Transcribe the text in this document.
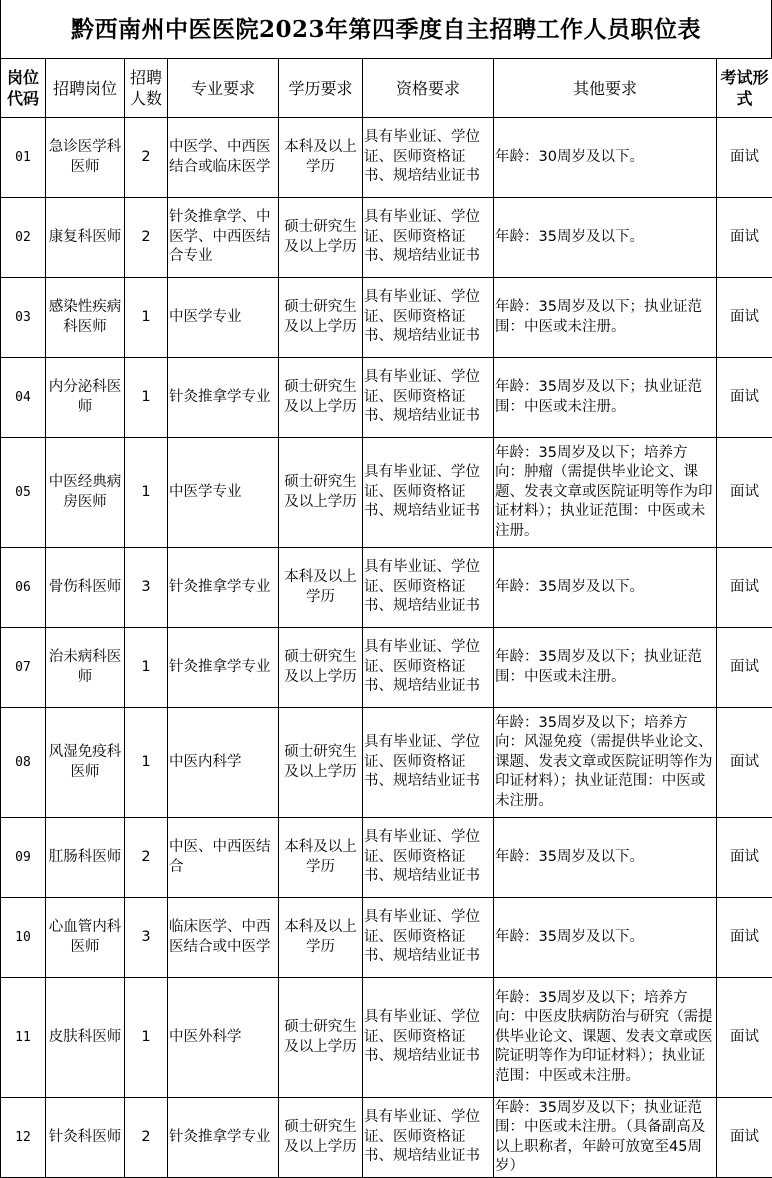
黔西南州中医医院2023年第四季度自主招聘工作人员职位表
岗位代码	招聘岗位	招聘人数	专业要求	学历要求	资格要求	其他要求	考试形式
01	急诊医学科医师	2	中医学、中西医结合或临床医学	本科及以上学历	具有毕业证、学位证、医师资格证书、规培结业证书	年龄：30周岁及以下。	面试
02	康复科医师	2	针灸推拿学、中医学、中西医结合专业	硕士研究生及以上学历	具有毕业证、学位证、医师资格证书、规培结业证书	年龄：35周岁及以下。	面试
03	感染性疾病科医师	1	中医学专业	硕士研究生及以上学历	具有毕业证、学位证、医师资格证书、规培结业证书	年龄：35周岁及以下；执业证范围：中医或未注册。	面试
04	内分泌科医师	1	针灸推拿学专业	硕士研究生及以上学历	具有毕业证、学位证、医师资格证书、规培结业证书	年龄：35周岁及以下；执业证范围：中医或未注册。	面试
05	中医经典病房医师	1	中医学专业	硕士研究生及以上学历	具有毕业证、学位证、医师资格证书、规培结业证书	年龄：35周岁及以下；培养方向：肿瘤（需提供毕业论文、课题、发表文章或医院证明等作为印证材料）；执业证范围：中医或未注册。	面试
06	骨伤科医师	3	针灸推拿学专业	本科及以上学历	具有毕业证、学位证、医师资格证书、规培结业证书	年龄：35周岁及以下。	面试
07	治未病科医师	1	针灸推拿学专业	硕士研究生及以上学历	具有毕业证、学位证、医师资格证书、规培结业证书	年龄：35周岁及以下；执业证范围：中医或未注册。	面试
08	风湿免疫科医师	1	中医内科学	硕士研究生及以上学历	具有毕业证、学位证、医师资格证书、规培结业证书	年龄：35周岁及以下；培养方向：风湿免疫（需提供毕业论文、课题、发表文章或医院证明等作为印证材料）；执业证范围：中医或未注册。	面试
09	肛肠科医师	2	中医、中西医结合	本科及以上学历	具有毕业证、学位证、医师资格证书、规培结业证书	年龄：35周岁及以下。	面试
10	心血管内科医师	3	临床医学、中西医结合或中医学	本科及以上学历	具有毕业证、学位证、医师资格证书、规培结业证书	年龄：35周岁及以下。	面试
11	皮肤科医师	1	中医外科学	硕士研究生及以上学历	具有毕业证、学位证、医师资格证书、规培结业证书	年龄：35周岁及以下；培养方向：中医皮肤病防治与研究（需提供毕业论文、课题、发表文章或医院证明等作为印证材料）；执业证范围：中医或未注册。	面试
12	针灸科医师	2	针灸推拿学专业	硕士研究生及以上学历	具有毕业证、学位证、医师资格证书、规培结业证书	年龄：35周岁及以下；执业证范围：中医或未注册。（具备副高及以上职称者，年龄可放宽至45周岁）	面试
